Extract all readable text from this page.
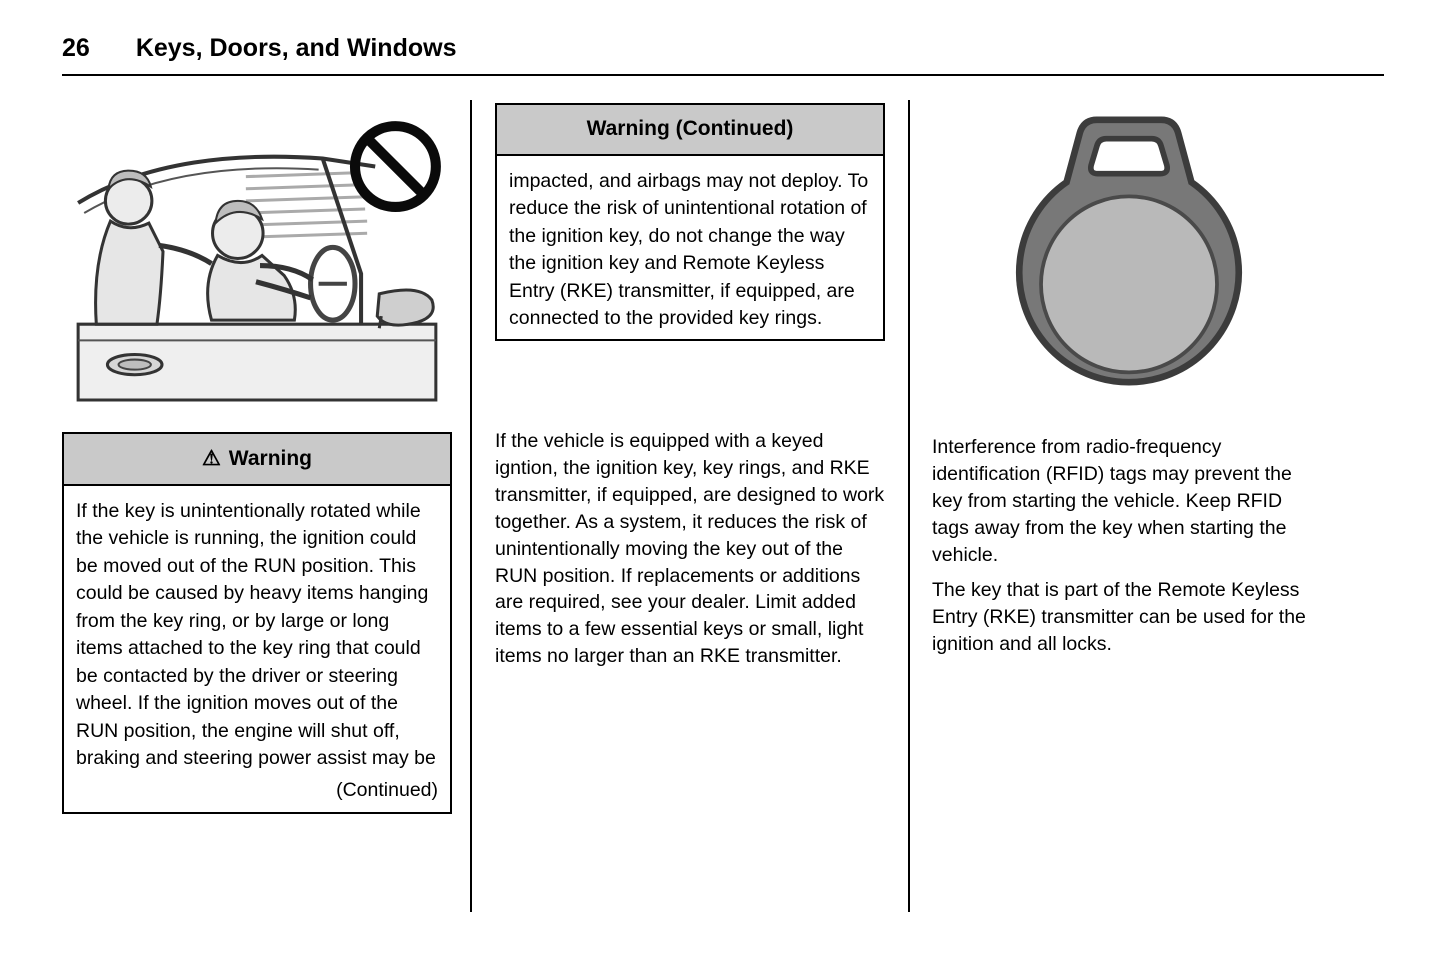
26 Keys, Doors, and Windows
⚠ Warning
If the key is unintentionally rotated while the vehicle is running, the ignition could be moved out of the RUN position. This could be caused by heavy items hanging from the key ring, or by large or long items attached to the key ring that could be contacted by the driver or steering wheel. If the ignition moves out of the RUN position, the engine will shut off, braking and steering power assist may be
(Continued)
Warning (Continued)
impacted, and airbags may not deploy. To reduce the risk of unintentional rotation of the ignition key, do not change the way the ignition key and Remote Keyless Entry (RKE) transmitter, if equipped, are connected to the provided key rings.
If the vehicle is equipped with a keyed igntion, the ignition key, key rings, and RKE transmitter, if equipped, are designed to work together. As a system, it reduces the risk of unintentionally moving the key out of the RUN position. If replacements or additions are required, see your dealer. Limit added items to a few essential keys or small, light items no larger than an RKE transmitter.
Interference from radio-frequency identification (RFID) tags may prevent the key from starting the vehicle. Keep RFID tags away from the key when starting the vehicle.
The key that is part of the Remote Keyless Entry (RKE) transmitter can be used for the ignition and all locks.
